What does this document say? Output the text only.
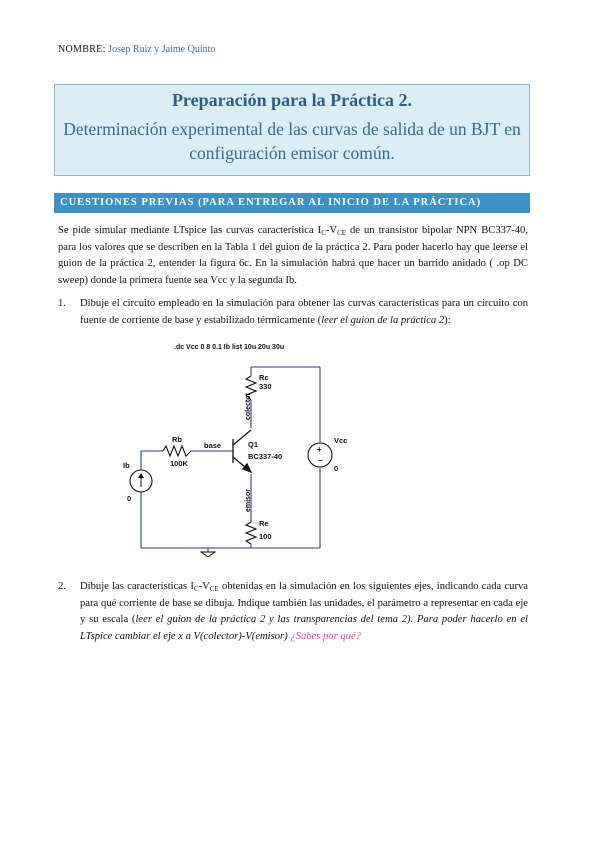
NOMBRE: Josep Ruiz y Jaime Quinto
Preparación para la Práctica 2.
Determinación experimental de las curvas de salida de un BJT en configuración emisor común.
CUESTIONES PREVIAS (PARA ENTREGAR AL INICIO DE LA PRÁCTICA)
Se pide simular mediante LTspice las curvas característica $I_C-V_{CE}$ de un transistor bipolar NPN BC337-40, para los valores que se describen en la Tabla 1 del guion de la práctica 2. Para poder hacerlo hay que leerse el guion de la práctica 2, entender la figura 6c. En la simulación habrá que hacer un barrido anidado ( .op DC sweep) donde la primera fuente sea Vcc y la segunda Ib.
1. Dibuje el circuito empleado en la simulación para obtener las curvas características para un circuito con fuente de corriente de base y estabilizado térmicamente (leer el guion de la práctica 2):
.dc Vcc 0 8 0.1 Ib list 10u 20u 30u
Rc
330
colector
Rb
100K
base	Q1
BC337-40
Ib
0
+
−
Vcc
0
emisor
Re
100
2. Dibuje las características $I_C-V_{CE}$ obtenidas en la simulación en los siguientes ejes, indicando cada curva para qué corriente de base se dibuja. Indique también las unidades, el parámetro a representar en cada eje y su escala (leer el guion de la práctica 2 y las transparencias del tema 2). Para poder hacerlo en el LTspice cambiar el eje x a V(colector)-V(emisor) ¿Sabes por qué?
